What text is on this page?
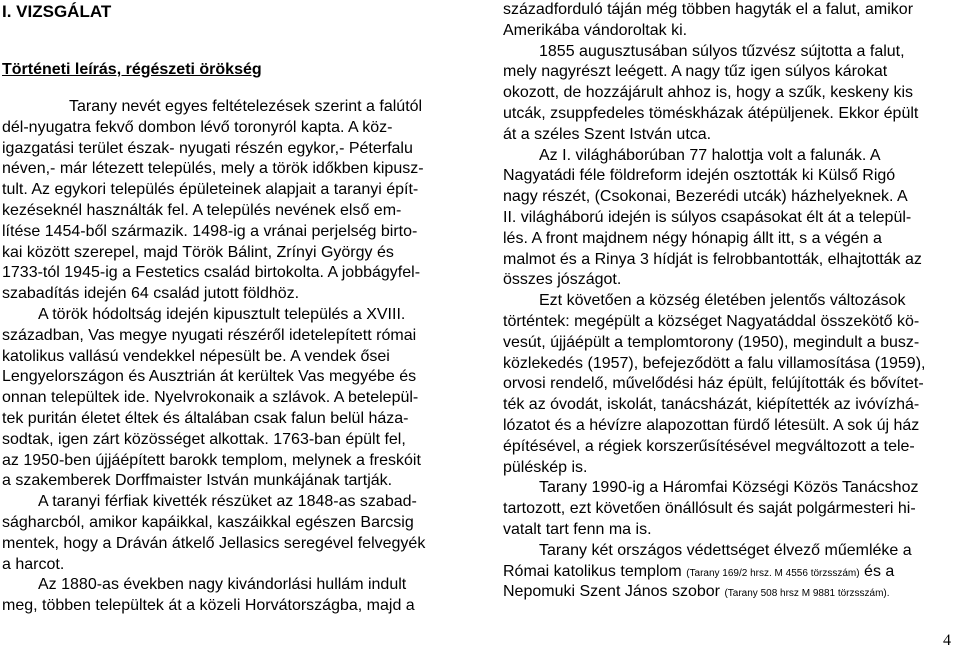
I. VIZSGÁLAT
Történeti leírás, régészeti örökség
Tarany nevét egyes feltételezések szerint a falútól
dél-nyugatra fekvő dombon lévő toronyról kapta. A köz-
igazgatási terület észak- nyugati részén egykor,- Péterfalu
néven,- már létezett település, mely a török időkben kipusz-
tult. Az egykori település épületeinek alapjait a taranyi épít-
kezéseknél használták fel. A település nevének első em-
lítése 1454-ből származik. 1498-ig a vránai perjelség birto-
kai között szerepel, majd Török Bálint, Zrínyi György és
1733-tól 1945-ig a Festetics család birtokolta. A jobbágyfel-
szabadítás idején 64 család jutott földhöz.
A török hódoltság idején kipusztult település a XVIII.
században, Vas megye nyugati részéről idetelepített római
katolikus vallású vendekkel népesült be. A vendek ősei
Lengyelországon és Ausztrián át kerültek Vas megyébe és
onnan települtek ide. Nyelvrokonaik a szlávok. A betelepül-
tek puritán életet éltek és általában csak falun belül háza-
sodtak, igen zárt közösséget alkottak. 1763-ban épült fel,
az 1950-ben újjáépített barokk templom, melynek a freskóit
a szakemberek Dorffmaister István munkájának tartják.
A taranyi férfiak kivették részüket az 1848-as szabad-
ságharcból, amikor kapáikkal, kaszáikkal egészen Barcsig
mentek, hogy a Dráván átkelő Jellasics seregével felvegyék
a harcot.
Az 1880-as években nagy kivándorlási hullám indult
meg, többen települtek át a közeli Horvátországba, majd a
századforduló táján még többen hagyták el a falut, amikor
Amerikába vándoroltak ki.
1855 augusztusában súlyos tűzvész sújtotta a falut,
mely nagyrészt leégett. A nagy tűz igen súlyos károkat
okozott, de hozzájárult ahhoz is, hogy a szűk, keskeny kis
utcák, zsuppfedeles töméskházak átépüljenek. Ekkor épült
át a széles Szent István utca.
Az I. világháborúban 77 halottja volt a falunák. A
Nagyatádi féle földreform idején osztották ki Külső Rigó
nagy részét, (Csokonai, Bezerédi utcák) házhelyeknek. A
II. világháború idején is súlyos csapásokat élt át a települ-
lés. A front majdnem négy hónapig állt itt, s a végén a
malmot és a Rinya 3 hídját is felrobbantották, elhajtották az
összes jószágot.
Ezt követően a község életében jelentős változások
történtek: megépült a községet Nagyatáddal összekötő kö-
vesút, újjáépült a templomtorony (1950), megindult a busz-
közlekedés (1957), befejeződött a falu villamosítása (1959),
orvosi rendelő, művelődési ház épült, felújították és bővítet-
ték az óvodát, iskolát, tanácsházát, kiépítették az ivóvízhá-
lózatot és a hévízre alapozottan fürdő létesült. A sok új ház
építésével, a régiek korszerűsítésével megváltozott a tele-
püléskép is.
Tarany 1990-ig a Háromfai Községi Közös Tanácshoz
tartozott, ezt követően önállósult és saját polgármesteri hi-
vatalt tart fenn ma is.
Tarany két országos védettséget élvező műemléke a
Római katolikus templom (Tarany 169/2 hrsz. M 4556 törzsszám) és a
Nepomuki Szent János szobor (Tarany 508 hrsz M 9881 törzsszám).
4
